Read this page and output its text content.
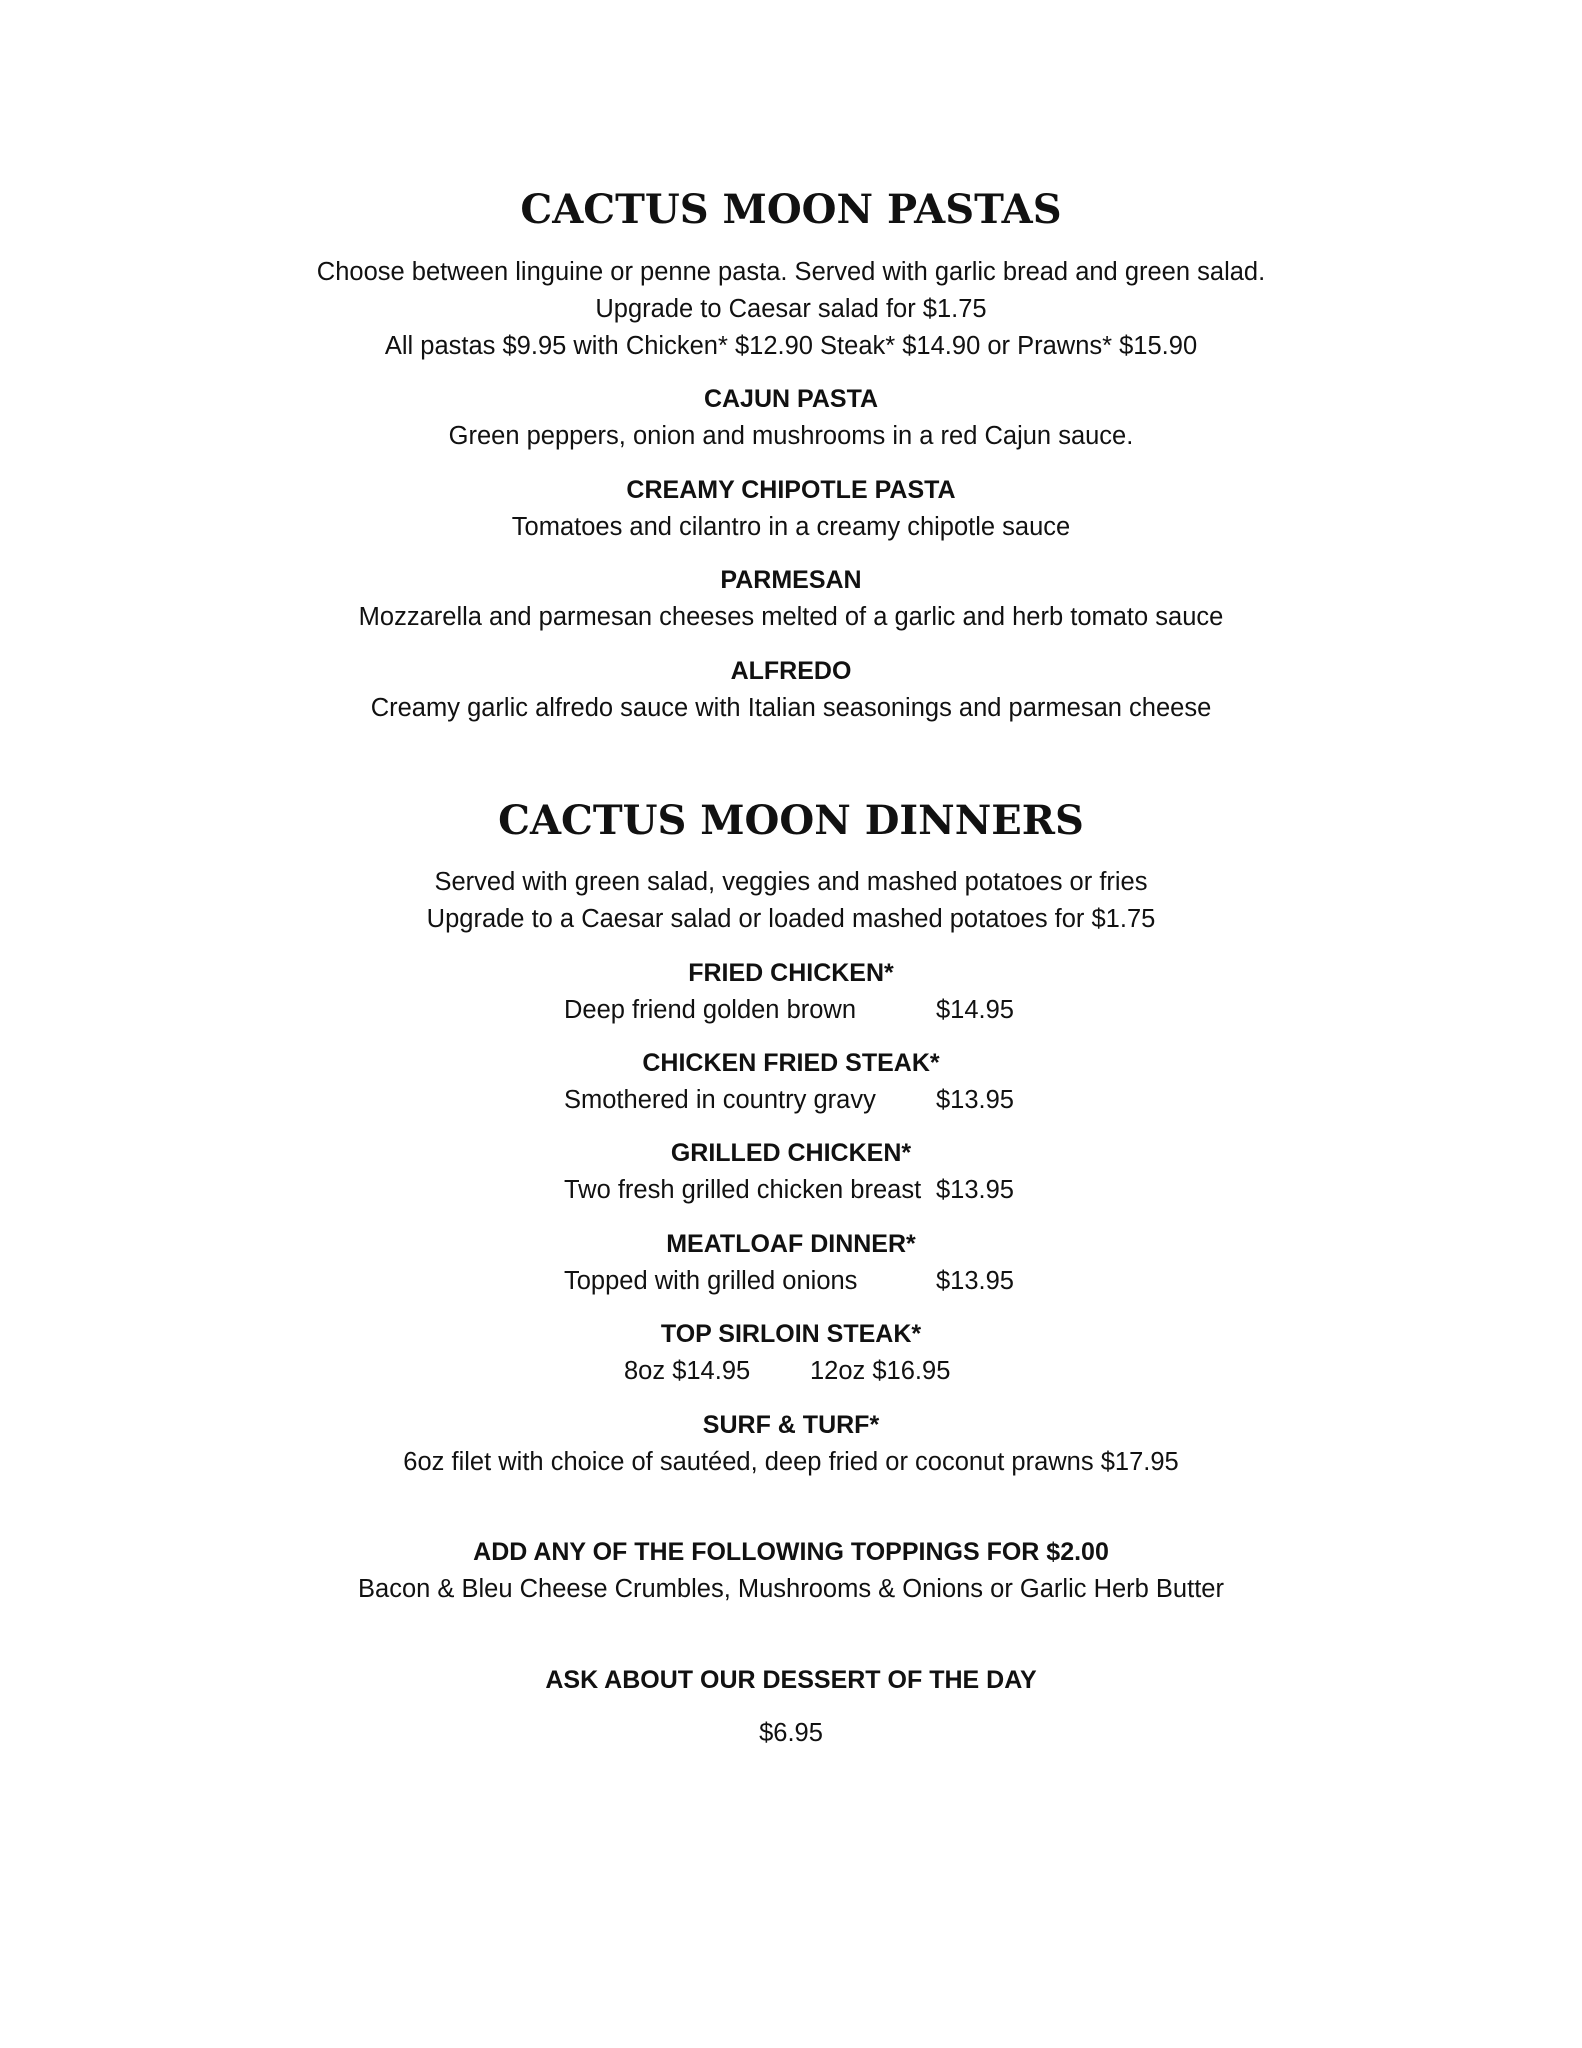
CACTUS MOON PASTAS
Choose between linguine or penne pasta. Served with garlic bread and green salad.
Upgrade to Caesar salad for $1.75
All pastas $9.95 with Chicken* $12.90 Steak* $14.90 or Prawns* $15.90
CAJUN PASTA
Green peppers, onion and mushrooms in a red Cajun sauce.
CREAMY CHIPOTLE PASTA
Tomatoes and cilantro in a creamy chipotle sauce
PARMESAN
Mozzarella and parmesan cheeses melted of a garlic and herb tomato sauce
ALFREDO
Creamy garlic alfredo sauce with Italian seasonings and parmesan cheese
CACTUS MOON DINNERS
Served with green salad, veggies and mashed potatoes or fries
Upgrade to a Caesar salad or loaded mashed potatoes for $1.75
FRIED CHICKEN*
Deep friend golden brown	$14.95
CHICKEN FRIED STEAK*
Smothered in country gravy $13.95
GRILLED CHICKEN*
Two fresh grilled chicken breast $13.95
MEATLOAF DINNER*
Topped with grilled onions	$13.95
TOP SIRLOIN STEAK*
8oz $14.95 12oz $16.95
SURF & TURF*
6oz filet with choice of sautéed, deep fried or coconut prawns $17.95
ADD ANY OF THE FOLLOWING TOPPINGS FOR $2.00
Bacon & Bleu Cheese Crumbles, Mushrooms & Onions or Garlic Herb Butter
ASK ABOUT OUR DESSERT OF THE DAY
$6.95
